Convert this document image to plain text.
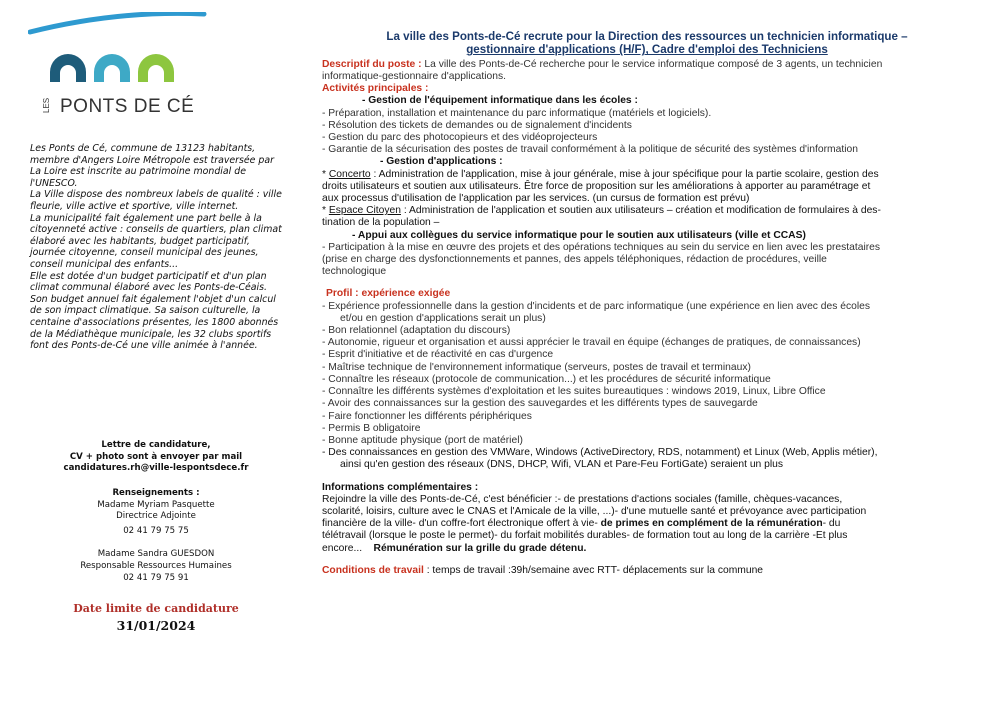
LES PONTS DE CÉ

Les Ponts de Cé, commune de 13123 habitants, membre d'Angers Loire Métropole est traversée par La Loire est inscrite au patrimoine mondial de l'UNESCO.

La Ville dispose des nombreux labels de qualité : ville fleurie, ville active et sportive, ville internet.

La municipalité fait également une part belle à la citoyenneté active : conseils de quartiers, plan climat élaboré avec les habitants, budget participatif, journée citoyenne, conseil municipal des jeunes, conseil municipal des enfants...

Elle est dotée d'un budget participatif et d'un plan climat communal élaboré avec les Ponts-de-Céais. Son budget annuel fait également l'objet d'un calcul de son impact climatique. Sa saison culturelle, la centaine d'associations présentes, les 1800 abonnés de la Médiathèque municipale, les 32 clubs sportifs font des Ponts-de-Cé une ville animée à l'année.

Lettre de candidature,
CV + photo sont à envoyer par mail
candidatures.rh@ville-lespontsdece.fr
Renseignements :
Madame Myriam Pasquette
Directrice Adjointe
02 41 79 75 75
Madame Sandra GUESDON
Responsable Ressources Humaines
02 41 79 75 91
Date limite de candidature
31/01/2024
La ville des Ponts-de-Cé recrute pour la Direction des ressources un technicien informatique –
gestionnaire d'applications (H/F), Cadre d'emploi des Techniciens

Descriptif du poste : La ville des Ponts-de-Cé recherche pour le service informatique composé de 3 agents, un technicien

informatique-gestionnaire d'applications.

Activités principales :

- Gestion de l'équipement informatique dans les écoles :

- Préparation, installation et maintenance du parc informatique (matériels et logiciels).

- Résolution des tickets de demandes ou de signalement d'incidents

- Gestion du parc des photocopieurs et des vidéoprojecteurs

- Garantie de la sécurisation des postes de travail conformément à la politique de sécurité des systèmes d'information

- Gestion d'applications :

* Concerto : Administration de l'application, mise à jour générale, mise à jour spécifique pour la partie scolaire, gestion des

droits utilisateurs et soutien aux utilisateurs. Être force de proposition sur les améliorations à apporter au paramétrage et

aux processus d'utilisation de l'application par les services. (un cursus de formation est prévu)

* Espace Citoyen : Administration de l'application et soutien aux utilisateurs – création et modification de formulaires à des-

tination de la population –

- Appui aux collègues du service informatique pour le soutien aux utilisateurs (ville et CCAS)

- Participation à la mise en œuvre des projets et des opérations techniques au sein du service en lien avec les prestataires

(prise en charge des dysfonctionnements et pannes, des appels téléphoniques, rédaction de procédures, veille

technologique

Profil : expérience exigée

- Expérience professionnelle dans la gestion d'incidents et de parc informatique (une expérience en lien avec des écoles

et/ou en gestion d'applications serait un plus)

- Bon relationnel (adaptation du discours)

- Autonomie, rigueur et organisation et aussi apprécier le travail en équipe (échanges de pratiques, de connaissances)

- Esprit d'initiative et de réactivité en cas d'urgence

- Maîtrise technique de l'environnement informatique (serveurs, postes de travail et terminaux)

- Connaître les réseaux (protocole de communication...) et les procédures de sécurité informatique

- Connaître les différents systèmes d'exploitation et les suites bureautiques : windows 2019, Linux, Libre Office

- Avoir des connaissances sur la gestion des sauvegardes et les différents types de sauvegarde

- Faire fonctionner les différents périphériques

- Permis B obligatoire

- Bonne aptitude physique (port de matériel)

- Des connaissances en gestion des VMWare, Windows (ActiveDirectory, RDS, notamment) et Linux (Web, Applis métier),

ainsi qu'en gestion des réseaux (DNS, DHCP, Wifi, VLAN et Pare-Feu FortiGate) seraient un plus

Informations complémentaires :

Rejoindre la ville des Ponts-de-Cé, c'est bénéficier :- de prestations d'actions sociales (famille, chèques-vacances,

scolarité, loisirs, culture avec le CNAS et l'Amicale de la ville, ...)- d'une mutuelle santé et prévoyance avec participation

financière de la ville- d'un coffre-fort électronique offert à vie- de primes en complément de la rémunération- du

télétravail (lorsque le poste le permet)- du forfait mobilités durables- de formation tout au long de la carrière -Et plus

encore...    Rémunération sur la grille du grade détenu.

Conditions de travail : temps de travail :39h/semaine avec RTT- déplacements sur la commune
